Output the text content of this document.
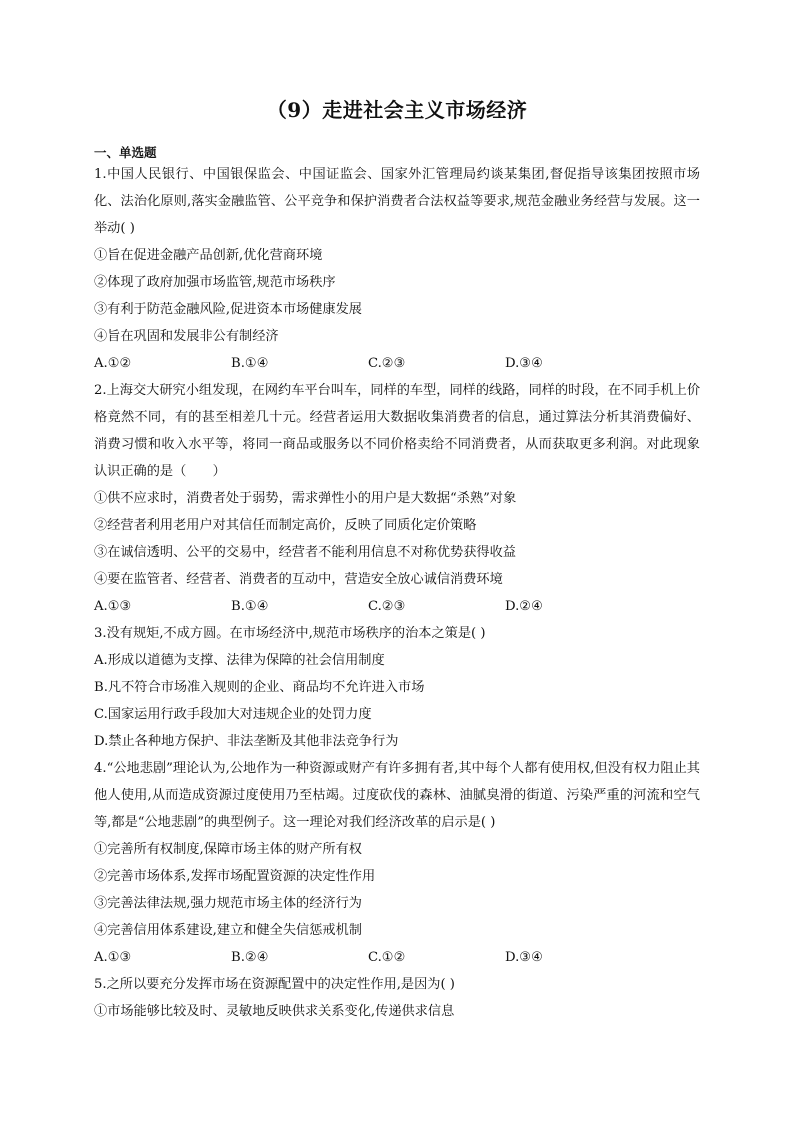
（9）走进社会主义市场经济
一、单选题
1.中国人民银行、中国银保监会、中国证监会、国家外汇管理局约谈某集团,督促指导该集团按照市场化、法治化原则,落实金融监管、公平竞争和保护消费者合法权益等要求,规范金融业务经营与发展。这一举动( )
①旨在促进金融产品创新,优化营商环境
②体现了政府加强市场监管,规范市场秩序
③有利于防范金融风险,促进资本市场健康发展
④旨在巩固和发展非公有制经济
A.①②	B.①④	C.②③	D.③④
2.上海交大研究小组发现，在网约车平台叫车，同样的车型，同样的线路，同样的时段，在不同手机上价格竟然不同，有的甚至相差几十元。经营者运用大数据收集消费者的信息，通过算法分析其消费偏好、消费习惯和收入水平等，将同一商品或服务以不同价格卖给不同消费者，从而获取更多利润。对此现象认识正确的是（　　）
①供不应求时，消费者处于弱势，需求弹性小的用户是大数据“杀熟”对象
②经营者利用老用户对其信任而制定高价，反映了同质化定价策略
③在诚信透明、公平的交易中，经营者不能利用信息不对称优势获得收益
④要在监管者、经营者、消费者的互动中，营造安全放心诚信消费环境
A.①③	B.①④	C.②③	D.②④
3.没有规矩,不成方圆。在市场经济中,规范市场秩序的治本之策是( )
A.形成以道德为支撑、法律为保障的社会信用制度
B.凡不符合市场准入规则的企业、商品均不允许进入市场
C.国家运用行政手段加大对违规企业的处罚力度
D.禁止各种地方保护、非法垄断及其他非法竞争行为
4.“公地悲剧”理论认为,公地作为一种资源或财产有许多拥有者,其中每个人都有使用权,但没有权力阻止其他人使用,从而造成资源过度使用乃至枯竭。过度砍伐的森林、油腻臭滑的街道、污染严重的河流和空气等,都是“公地悲剧”的典型例子。这一理论对我们经济改革的启示是( )
①完善所有权制度,保障市场主体的财产所有权
②完善市场体系,发挥市场配置资源的决定性作用
③完善法律法规,强力规范市场主体的经济行为
④完善信用体系建设,建立和健全失信惩戒机制
A.①③	B.②④	C.①②	D.③④
5.之所以要充分发挥市场在资源配置中的决定性作用,是因为( )
①市场能够比较及时、灵敏地反映供求关系变化,传递供求信息
